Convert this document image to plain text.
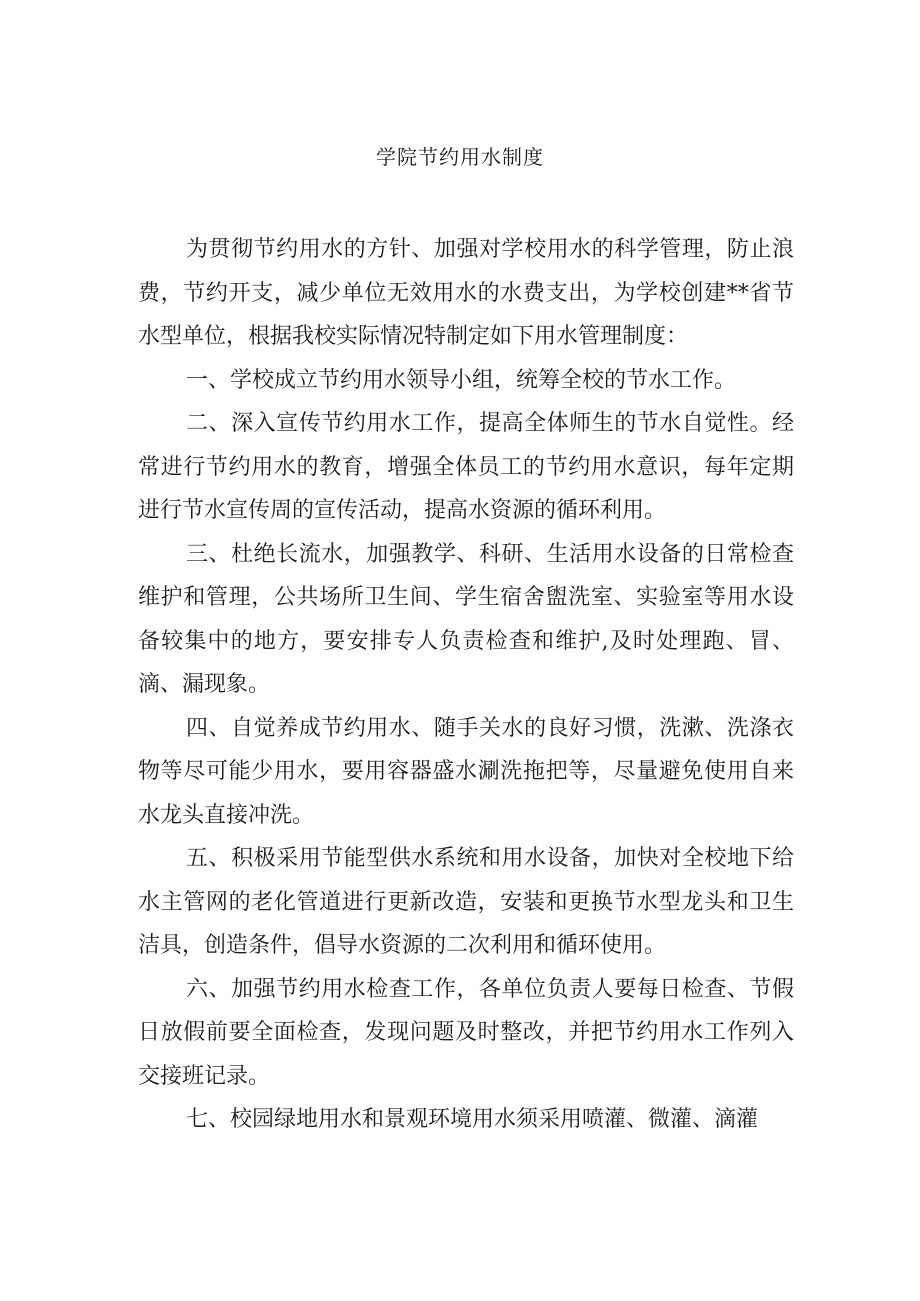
学院节约用水制度

为贯彻节约用水的方针、加强对学校用水的科学管理，防止浪费，节约开支，减少单位无效用水的水费支出，为学校创建**省节水型单位，根据我校实际情况特制定如下用水管理制度：

一、学校成立节约用水领导小组，统筹全校的节水工作。

二、深入宣传节约用水工作，提高全体师生的节水自觉性。经常进行节约用水的教育，增强全体员工的节约用水意识，每年定期进行节水宣传周的宣传活动，提高水资源的循环利用。

三、杜绝长流水，加强教学、科研、生活用水设备的日常检查维护和管理，公共场所卫生间、学生宿舍盥洗室、实验室等用水设备较集中的地方，要安排专人负责检查和维护,及时处理跑、冒、滴、漏现象。

四、自觉养成节约用水、随手关水的良好习惯，洗漱、洗涤衣物等尽可能少用水，要用容器盛水涮洗拖把等，尽量避免使用自来水龙头直接冲洗。

五、积极采用节能型供水系统和用水设备，加快对全校地下给水主管网的老化管道进行更新改造，安装和更换节水型龙头和卫生洁具，创造条件，倡导水资源的二次利用和循环使用。

六、加强节约用水检查工作，各单位负责人要每日检查、节假日放假前要全面检查，发现问题及时整改，并把节约用水工作列入交接班记录。

七、校园绿地用水和景观环境用水须采用喷灌、微灌、滴灌
